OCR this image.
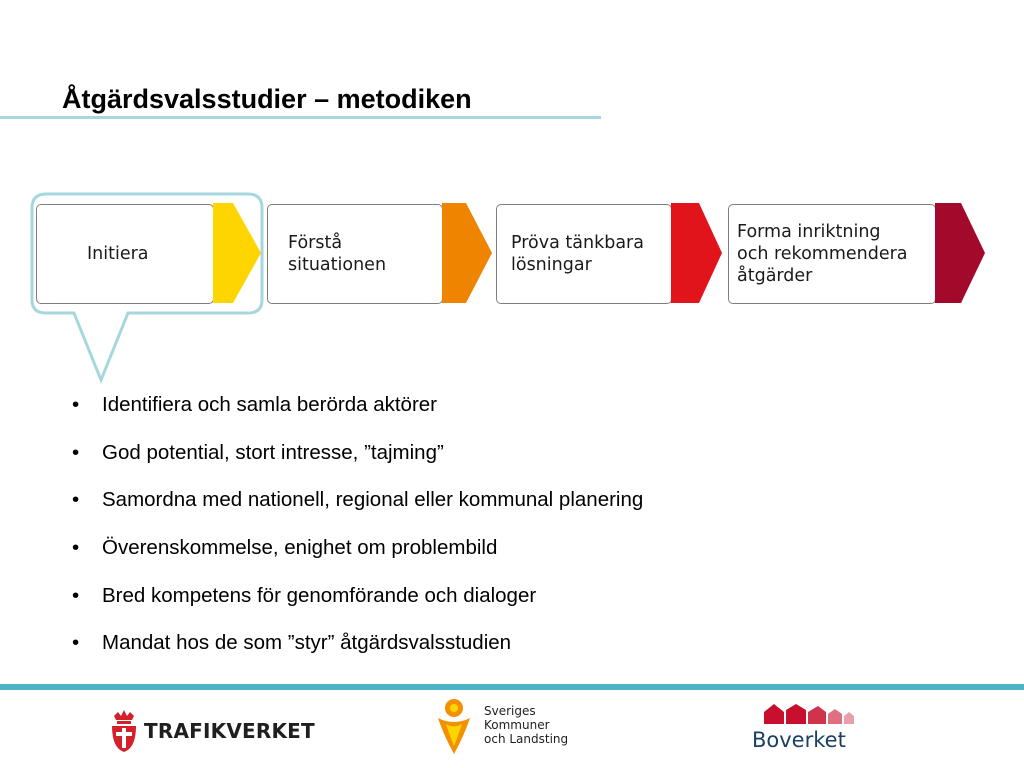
Åtgärdsvalsstudier – metodiken
Initiera
Förstå
situationen
Pröva tänkbara
lösningar
Forma inriktning
och rekommendera
åtgärder
• Identifiera och samla berörda aktörer
• God potential, stort intresse, ”tajming”
• Samordna med nationell, regional eller kommunal planering
• Överenskommelse, enighet om problembild
• Bred kompetens för genomförande och dialoger
• Mandat hos de som ”styr” åtgärdsvalsstudien
TRAFIKVERKET
Sveriges
Kommuner
och Landsting	Boverket
